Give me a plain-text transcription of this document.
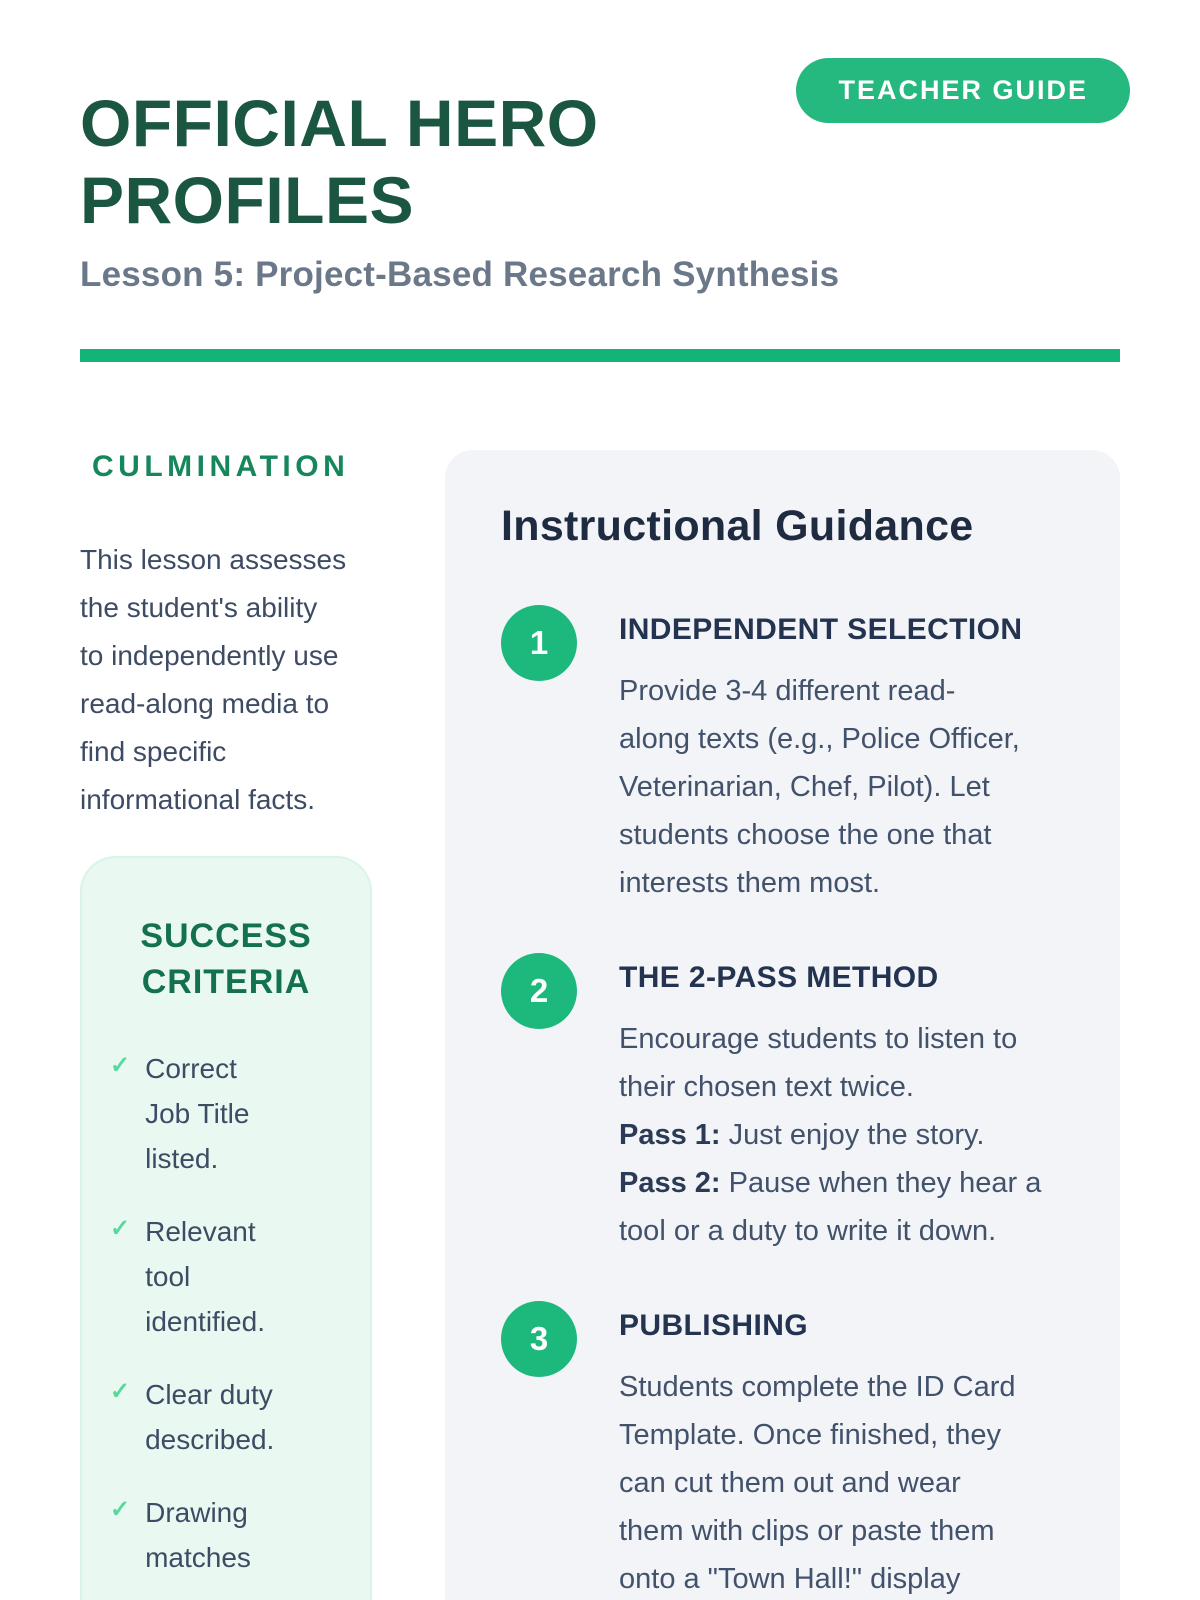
TEACHER GUIDE
OFFICIAL HERO
PROFILES
Lesson 5: Project-Based Research Synthesis
CULMINATION

This lesson assesses
the student's ability
to independently use
read-along media to
find specific
informational facts.

SUCCESS
CRITERIA
✓ Correct
Job Title
listed.
✓ Relevant
tool
identified.
✓ Clear duty
described.
✓ Drawing
matches
Instructional Guidance
1	INDEPENDENT SELECTION

Provide 3-4 different read-
along texts (e.g., Police Officer,
Veterinarian, Chef, Pilot). Let
students choose the one that
interests them most.

2	THE 2-PASS METHOD

Encourage students to listen to
their chosen text twice.
Pass 1: Just enjoy the story.
Pass 2: Pause when they hear a
tool or a duty to write it down.

3	PUBLISHING

Students complete the ID Card
Template. Once finished, they
can cut them out and wear
them with clips or paste them
onto a "Town Hall!" display
